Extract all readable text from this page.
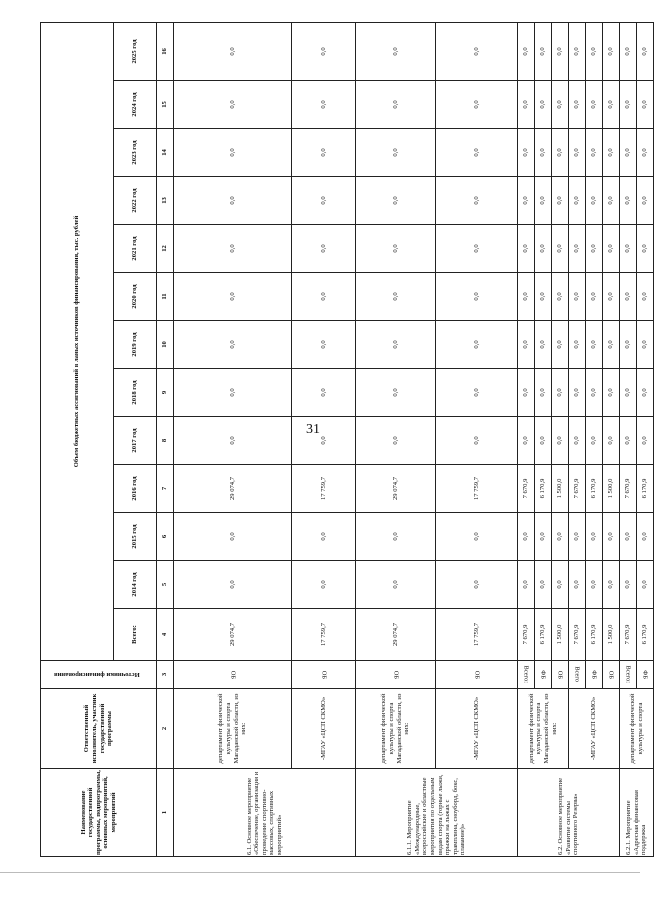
31
Наименование государственной программы, подпрограммы, основных мероприятий, мероприятий	Ответственный исполнитель, участник государственной программы	Источники финансирования	Объем бюджетных ассигнований в ланых источников финансирования, тыс. рублей												
			Всего:	2014 год	2015 год	2016 год	2017 год	2018 год	2019 год	2020 год	2021 год	2022 год	2023 год	2024 год	2025 год
1	2	3	4	5	6	7	8	9	10	11	12	13	14	15	16
6.1. Основное мероприятие «Обеспечение, организация и проведение спортивно-массовых, спортивных мероприятий»	департамент физической культуры и спорта Магаданской области, из них:	ОБ	29 074,7	0,0	0,0	29 074,7	0,0	0,0	0,0	0,0	0,0	0,0	0,0	0,0	0,0
	-МГАУ «ЦСП СКМО»	ОБ	17 759,7	0,0	0,0	17 759,7	0,0	0,0	0,0	0,0	0,0	0,0	0,0	0,0	0,0
6.1.1. Мероприятие «Международные, всероссийские и областные мероприятия по отдельным видам спорта (горные лыжи, прыжки на лыжах с трамплина, сноуборд, бокс, плавание)»	департамент физической культуры и спорта Магаданской области, из них:	ОБ	29 074,7	0,0	0,0	29 074,7	0,0	0,0	0,0	0,0	0,0	0,0	0,0	0,0	0,0
	-МГАУ «ЦСП СКМО»	ОБ	17 759,7	0,0	0,0	17 759,7	0,0	0,0	0,0	0,0	0,0	0,0	0,0	0,0	0,0
6.2. Основное мероприятие «Развитие системы спортивного Резерва»	департамент физической культуры и спорта Магаданской области, из них:	Всего:	7 670,9	0,0	0,0	7 670,9	0,0	0,0	0,0	0,0	0,0	0,0	0,0	0,0	0,0
		ФБ	6 170,9	0,0	0,0	6 170,9	0,0	0,0	0,0	0,0	0,0	0,0	0,0	0,0	0,0
		ОБ	1 500,0	0,0	0,0	1 500,0	0,0	0,0	0,0	0,0	0,0	0,0	0,0	0,0	0,0
	-МГАУ «ЦСП СКМО»	Всего	7 670,9	0,0	0,0	7 670,9	0,0	0,0	0,0	0,0	0,0	0,0	0,0	0,0	0,0
		ФБ	6 170,9	0,0	0,0	6 170,9	0,0	0,0	0,0	0,0	0,0	0,0	0,0	0,0	0,0
		ОБ	1 500,0	0,0	0,0	1 500,0	0,0	0,0	0,0	0,0	0,0	0,0	0,0	0,0	0,0
6.2.1. Мероприятие «Адресная финансовая поддержка	департамент физической культуры и спорта	Всего:	7 670,9	0,0	0,0	7 670,9	0,0	0,0	0,0	0,0	0,0	0,0	0,0	0,0	0,0
		ФБ	6 170,9	0,0	0,0	6 170,9	0,0	0,0	0,0	0,0	0,0	0,0	0,0	0,0	0,0
